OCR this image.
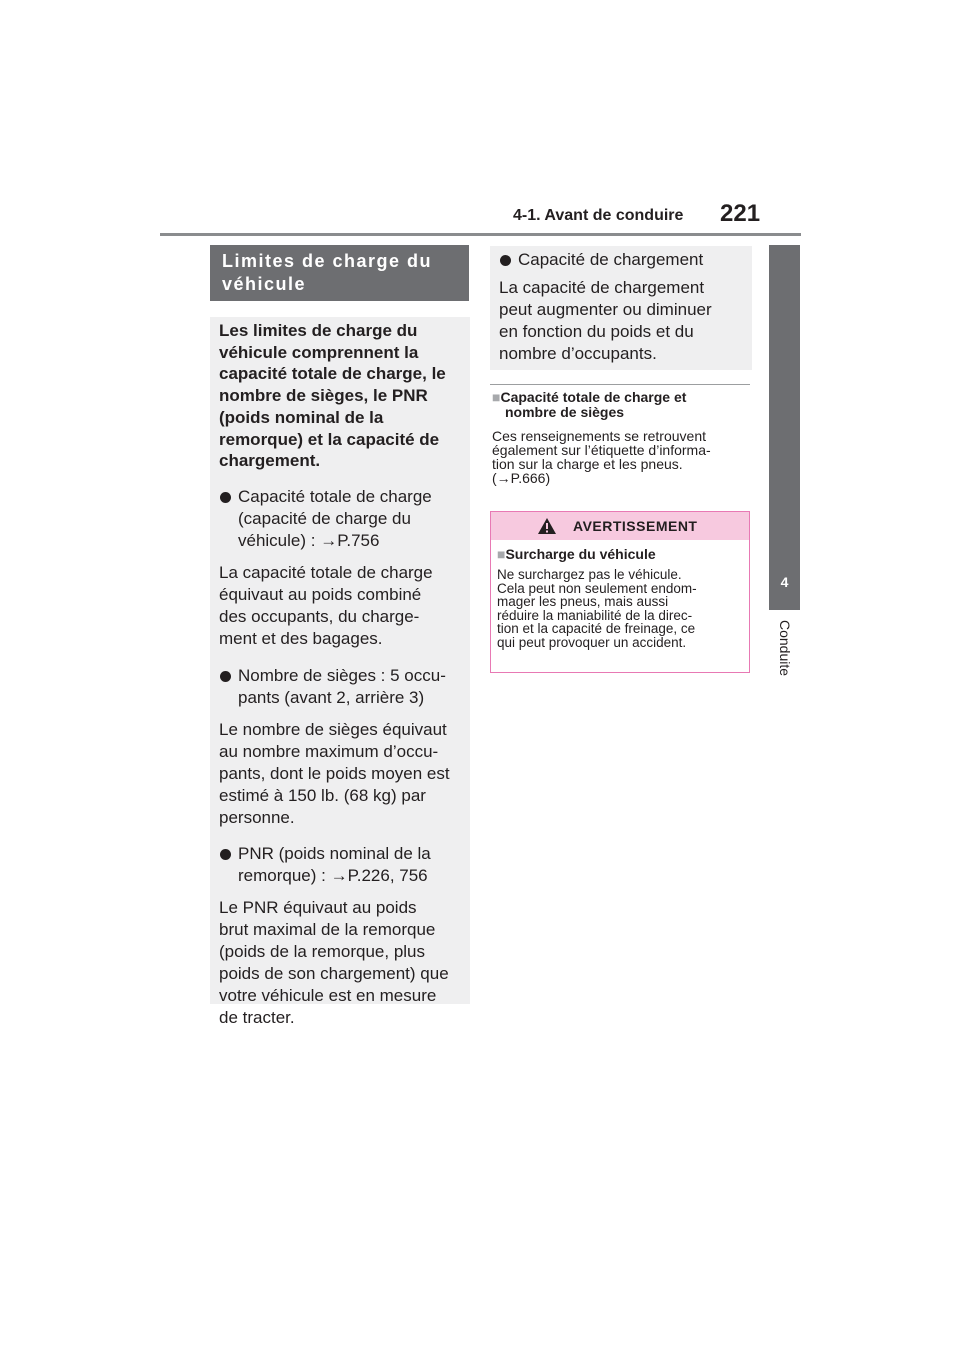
4-1. Avant de conduire 221
4
Conduite
Limites de charge du
véhicule

Les limites de charge du
véhicule comprennent la
capacité totale de charge, le
nombre de sièges, le PNR
(poids nominal de la
remorque) et la capacité de
chargement.

Capacité totale de charge
(capacité de charge du
véhicule) : →P.756

La capacité totale de charge
équivaut au poids combiné
des occupants, du charge-
ment et des bagages.

Nombre de sièges : 5 occu-
pants (avant 2, arrière 3)

Le nombre de sièges équivaut
au nombre maximum d’occu-
pants, dont le poids moyen est
estimé à 150 lb. (68 kg) par
personne.

PNR (poids nominal de la
remorque) : →P.226, 756

Le PNR équivaut au poids
brut maximal de la remorque
(poids de la remorque, plus
poids de son chargement) que
votre véhicule est en mesure
de tracter.

Capacité de chargement

La capacité de chargement
peut augmenter ou diminuer
en fonction du poids et du
nombre d’occupants.

■Capacité totale de charge et
nombre de sièges
Ces renseignements se retrouvent
également sur l’étiquette d’informa-
tion sur la charge et les pneus.
(→P.666)
AVERTISSEMENT
■Surcharge du véhicule
Ne surchargez pas le véhicule.
Cela peut non seulement endom-
mager les pneus, mais aussi
réduire la maniabilité de la direc-
tion et la capacité de freinage, ce
qui peut provoquer un accident.
